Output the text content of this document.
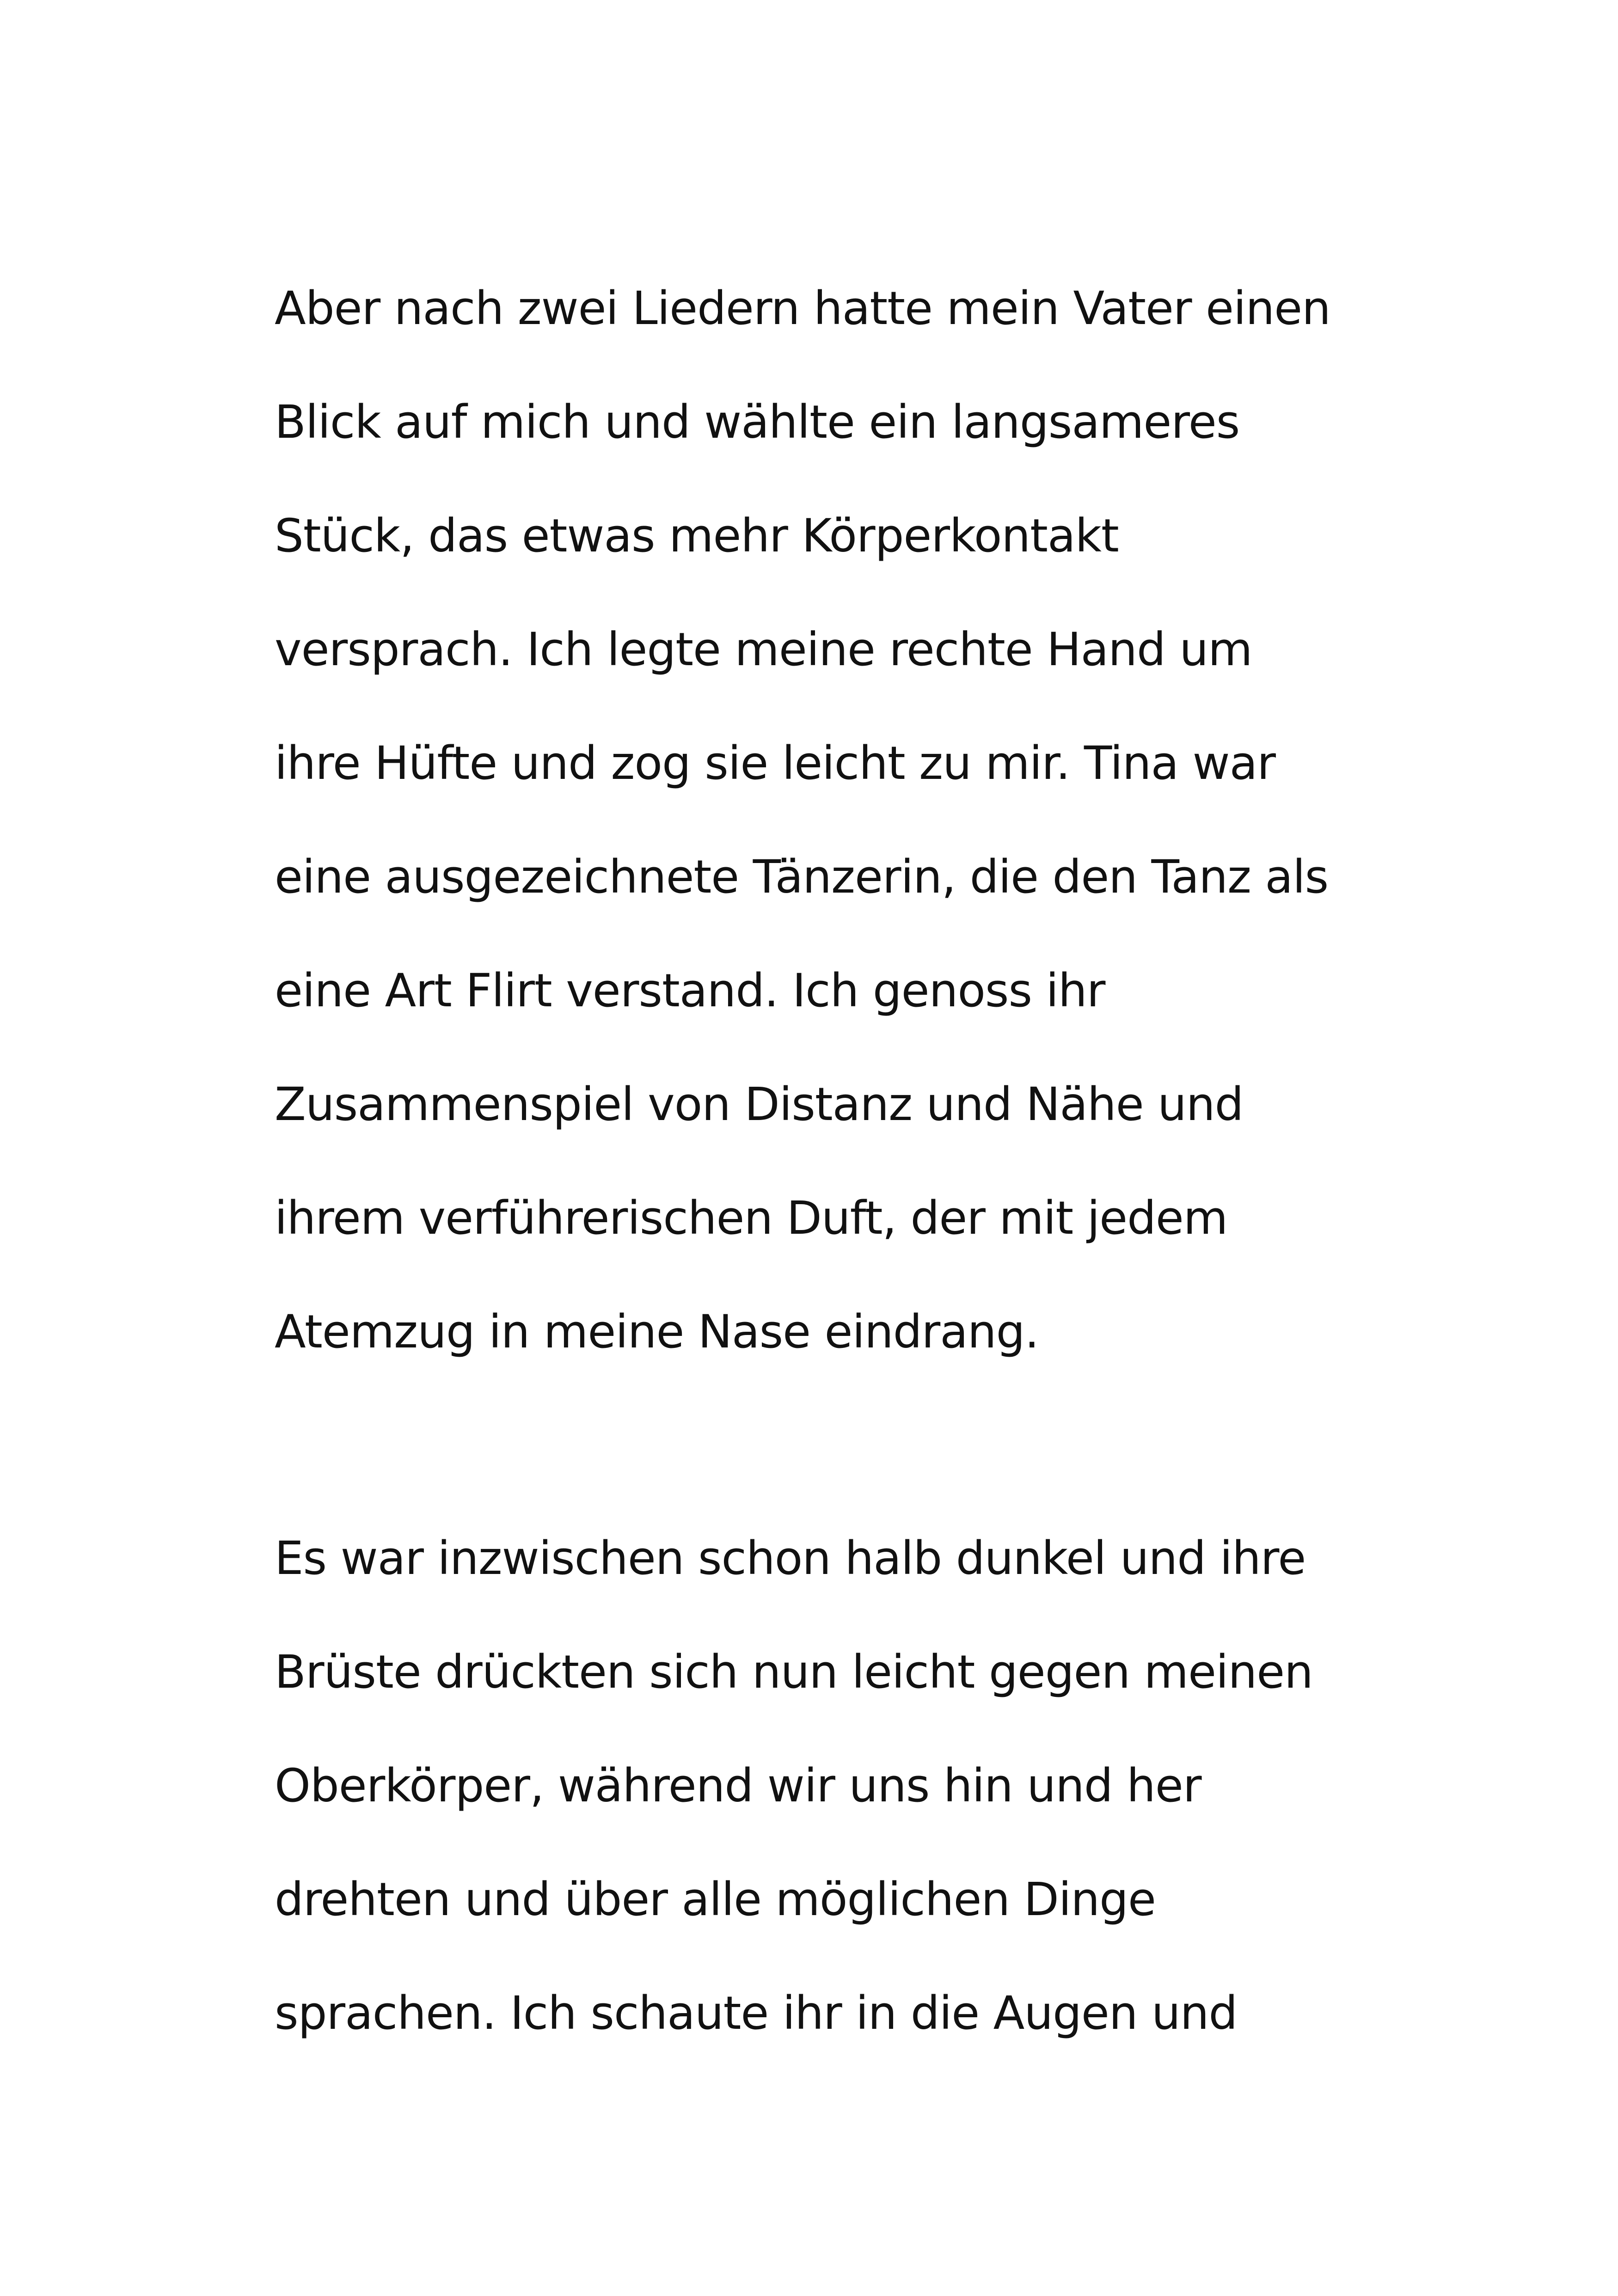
Aber nach zwei Liedern hatte mein Vater einen
Blick auf mich und wählte ein langsameres
Stück, das etwas mehr Körperkontakt
versprach. Ich legte meine rechte Hand um
ihre Hüfte und zog sie leicht zu mir. Tina war
eine ausgezeichnete Tänzerin, die den Tanz als
eine Art Flirt verstand. Ich genoss ihr
Zusammenspiel von Distanz und Nähe und
ihrem verführerischen Duft, der mit jedem
Atemzug in meine Nase eindrang.
Es war inzwischen schon halb dunkel und ihre
Brüste drückten sich nun leicht gegen meinen
Oberkörper, während wir uns hin und her
drehten und über alle möglichen Dinge
sprachen. Ich schaute ihr in die Augen und
